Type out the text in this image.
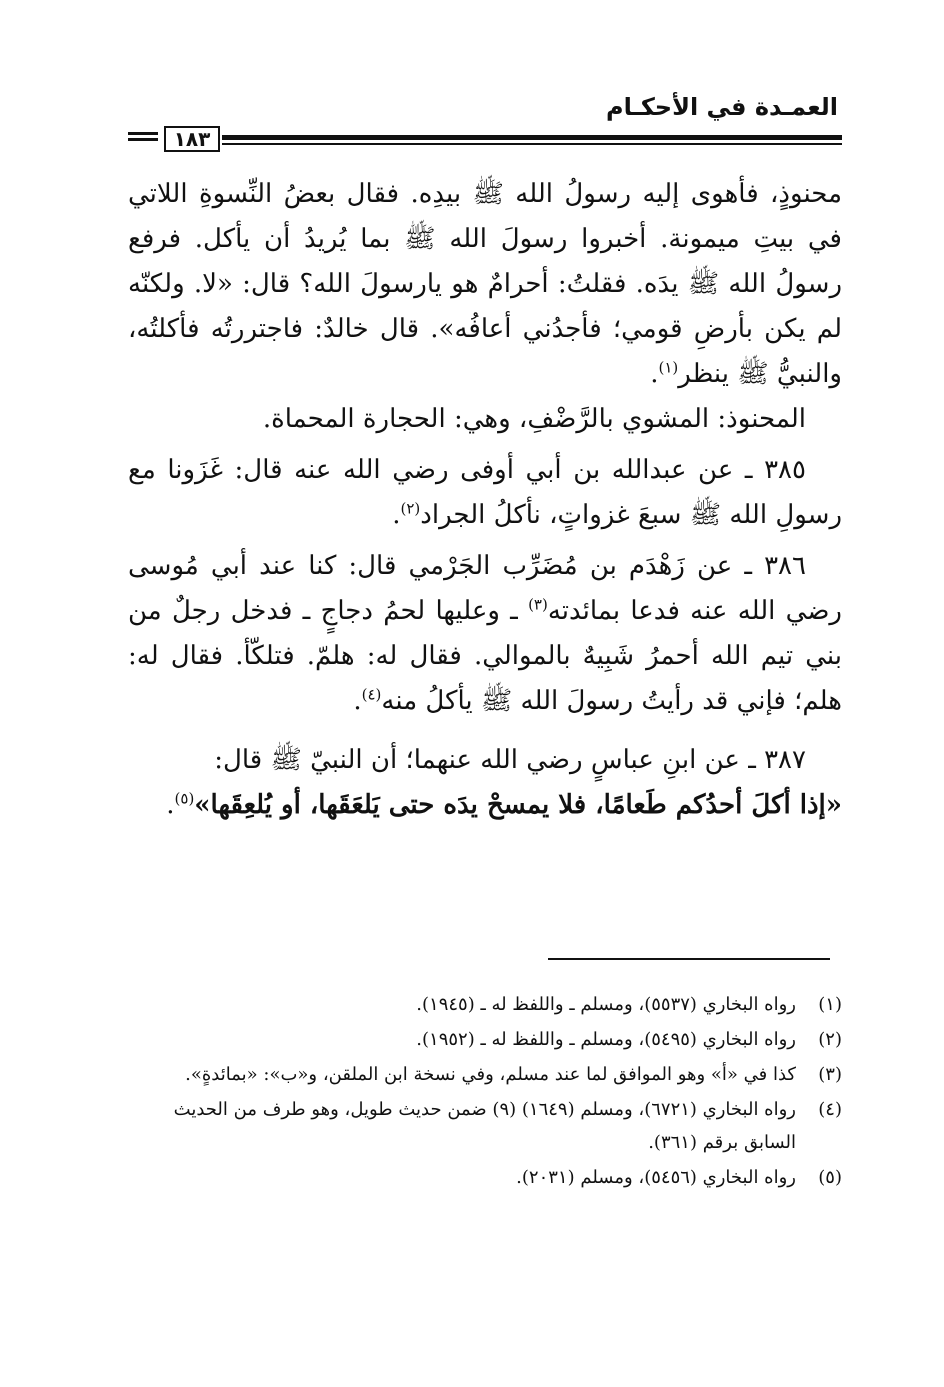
العمـدة في الأحكـام
١٨٣

محنوذٍ، فأهوى إليه رسولُ الله ﷺ بيدِه. فقال بعضُ النِّسوةِ اللاتي في بيتِ ميمونة. أخبروا رسولَ الله ﷺ بما يُريدُ أن يأكل. فرفع رسولُ الله ﷺ يدَه. فقلتُ: أحرامٌ هو يارسولَ الله؟ قال: «لا. ولكنّه لم يكن بأرضِ قومي؛ فأجدُني أعافُه». قال خالدٌ: فاجتررتُه فأكلتُه، والنبيُّ ﷺ ينظر$^{(١)}$.

المحنوذ: المشوي بالرَّضْفِ، وهي: الحجارة المحماة.

٣٨٥ ـ عن عبدالله بن أبي أوفى رضي الله عنه قال: غَزَونا مع رسولِ الله ﷺ سبعَ غزواتٍ، نأكلُ الجراد$^{(٢)}$.

٣٨٦ ـ عن زَهْدَم بن مُضَرِّب الجَرْمي قال: كنا عند أبي مُوسى رضي الله عنه فدعا بمائدته$^{(٣)}$ ـ وعليها لحمُ دجاجٍ ـ فدخل رجلٌ من بني تيم الله أحمرُ شَبِيهٌ بالموالي. فقال له: هلمّ. فتلكّأ. فقال له: هلم؛ فإني قد رأيتُ رسولَ الله ﷺ يأكلُ منه$^{(٤)}$.

٣٨٧ ـ عن ابنِ عباسٍ رضي الله عنهما؛ أن النبيّ ﷺ قال:

«إذا أكلَ أحدُكم طَعامًا، فلا يمسحْ يدَه حتى يَلعَقَها، أو يُلعِقَها»$^{(٥)}$.

(١)
رواه البخاري (٥٥٣٧)، ومسلم ـ واللفظ له ـ (١٩٤٥).
(٢)
رواه البخاري (٥٤٩٥)، ومسلم ـ واللفظ له ـ (١٩٥٢).
(٣)
كذا في «أ» وهو الموافق لما عند مسلم، وفي نسخة ابن الملقن، و«ب»: «بمائدةٍ».
(٤)
رواه البخاري (٦٧٢١)، ومسلم (١٦٤٩) (٩) ضمن حديث طويل، وهو طرف من الحديث السابق برقم (٣٦١).
(٥)
رواه البخاري (٥٤٥٦)، ومسلم (٢٠٣١).
